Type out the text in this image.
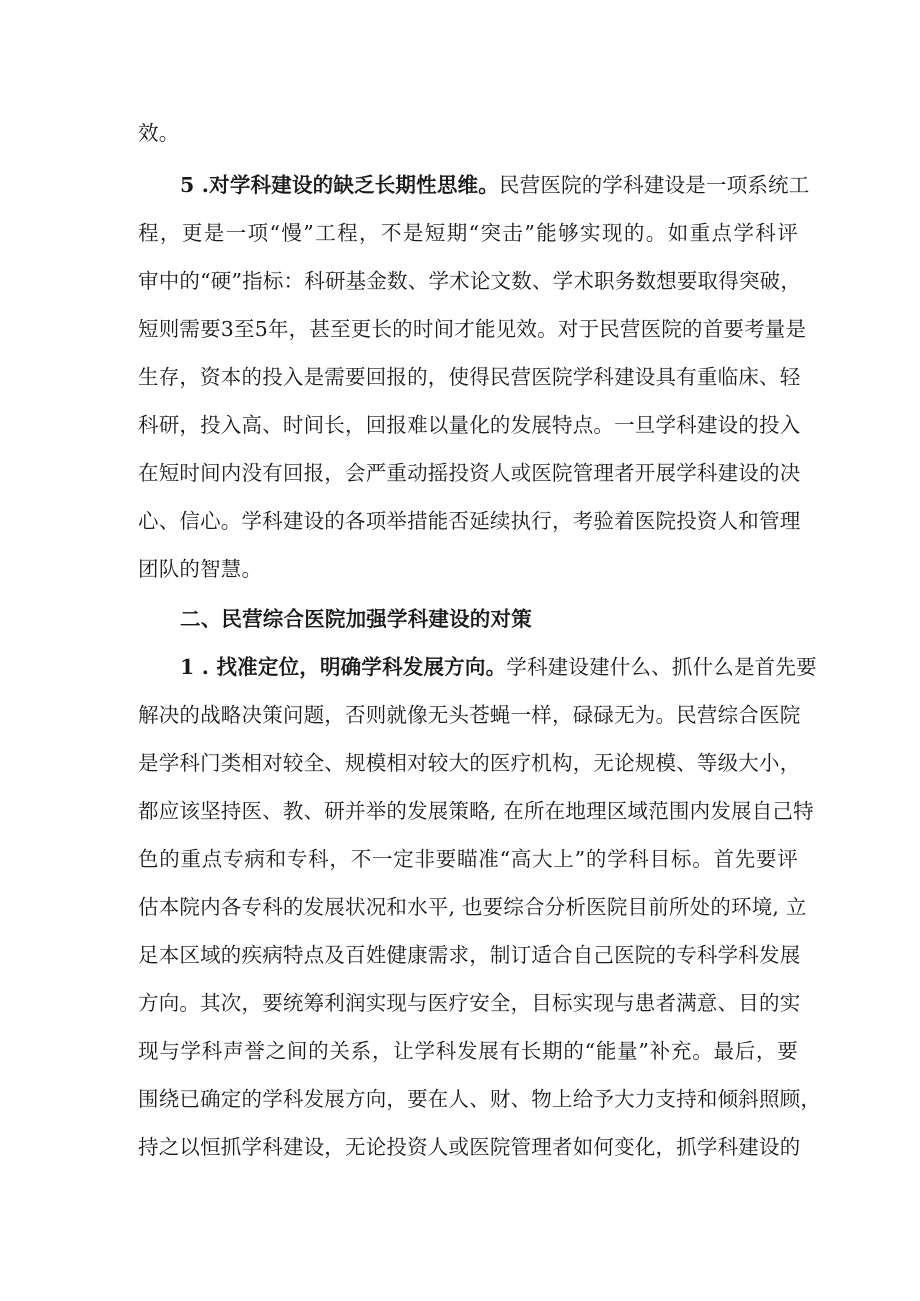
效。
5 .对学科建设的缺乏长期性思维。民营医院的学科建设是一项系统工
程，更是一项“慢”工程，不是短期“突击”能够实现的。如重点学科评
审中的“硬”指标：科研基金数、学术论文数、学术职务数想要取得突破，
短则需要3至5年，甚至更长的时间才能见效。对于民营医院的首要考量是
生存，资本的投入是需要回报的，使得民营医院学科建设具有重临床、轻
科研，投入高、时间长，回报难以量化的发展特点。一旦学科建设的投入
在短时间内没有回报，会严重动摇投资人或医院管理者开展学科建设的决
心、信心。学科建设的各项举措能否延续执行，考验着医院投资人和管理
团队的智慧。
二、民营综合医院加强学科建设的对策
1 . 找准定位，明确学科发展方向。学科建设建什么、抓什么是首先要
解决的战略决策问题，否则就像无头苍蝇一样，碌碌无为。民营综合医院
是学科门类相对较全、规模相对较大的医疗机构，无论规模、等级大小，
都应该坚持医、教、研并举的发展策略, 在所在地理区域范围内发展自己特
色的重点专病和专科，不一定非要瞄准“高大上”的学科目标。首先要评
估本院内各专科的发展状况和水平, 也要综合分析医院目前所处的环境, 立
足本区域的疾病特点及百姓健康需求，制订适合自己医院的专科学科发展
方向。其次，要统筹利润实现与医疗安全，目标实现与患者满意、目的实
现与学科声誉之间的关系，让学科发展有长期的“能量”补充。最后，要
围绕已确定的学科发展方向，要在人、财、物上给予大力支持和倾斜照顾，
持之以恒抓学科建设，无论投资人或医院管理者如何变化，抓学科建设的
